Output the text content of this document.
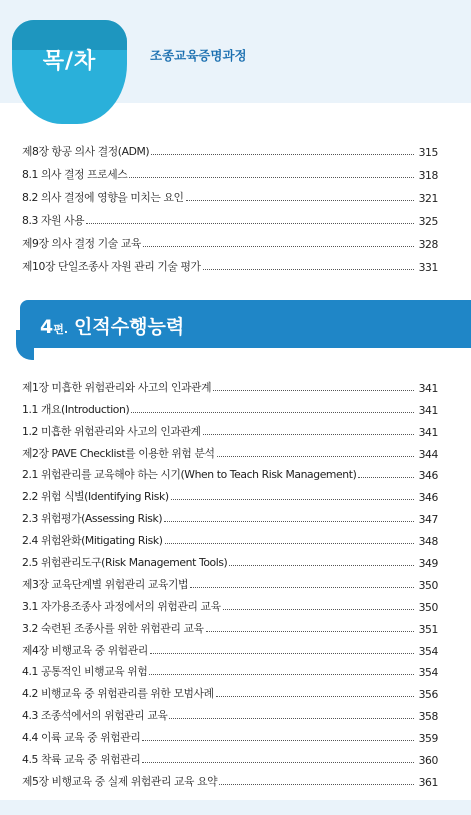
목/차	조종교육증명과정
제8장 항공 의사 결정(ADM)	315
8.1 의사 결정 프로세스	318
8.2 의사 결정에 영향을 미치는 요인	321
8.3 자원 사용	325
제9장 의사 결정 기술 교육	328
제10장 단일조종사 자원 관리 기술 평가	331
4편. 인적수행능력
제1장 미흡한 위험관리와 사고의 인과관계	341
1.1 개요(Introduction)	341
1.2 미흡한 위험관리와 사고의 인과관계	341
제2장 PAVE Checklist를 이용한 위험 분석	344
2.1 위험관리를 교육해야 하는 시기(When to Teach Risk Management)	346
2.2 위험 식별(Identifying Risk)	346
2.3 위험평가(Assessing Risk)	347
2.4 위험완화(Mitigating Risk)	348
2.5 위험관리도구(Risk Management Tools)	349
제3장 교육단계별 위험관리 교육기법	350
3.1 자가용조종사 과정에서의 위험관리 교육	350
3.2 숙련된 조종사를 위한 위험관리 교육	351
제4장 비행교육 중 위험관리	354
4.1 공통적인 비행교육 위험	354
4.2 비행교육 중 위험관리를 위한 모범사례	356
4.3 조종석에서의 위험관리 교육	358
4.4 이륙 교육 중 위험관리	359
4.5 착륙 교육 중 위험관리	360
제5장 비행교육 중 실제 위험관리 교육 요약	361
